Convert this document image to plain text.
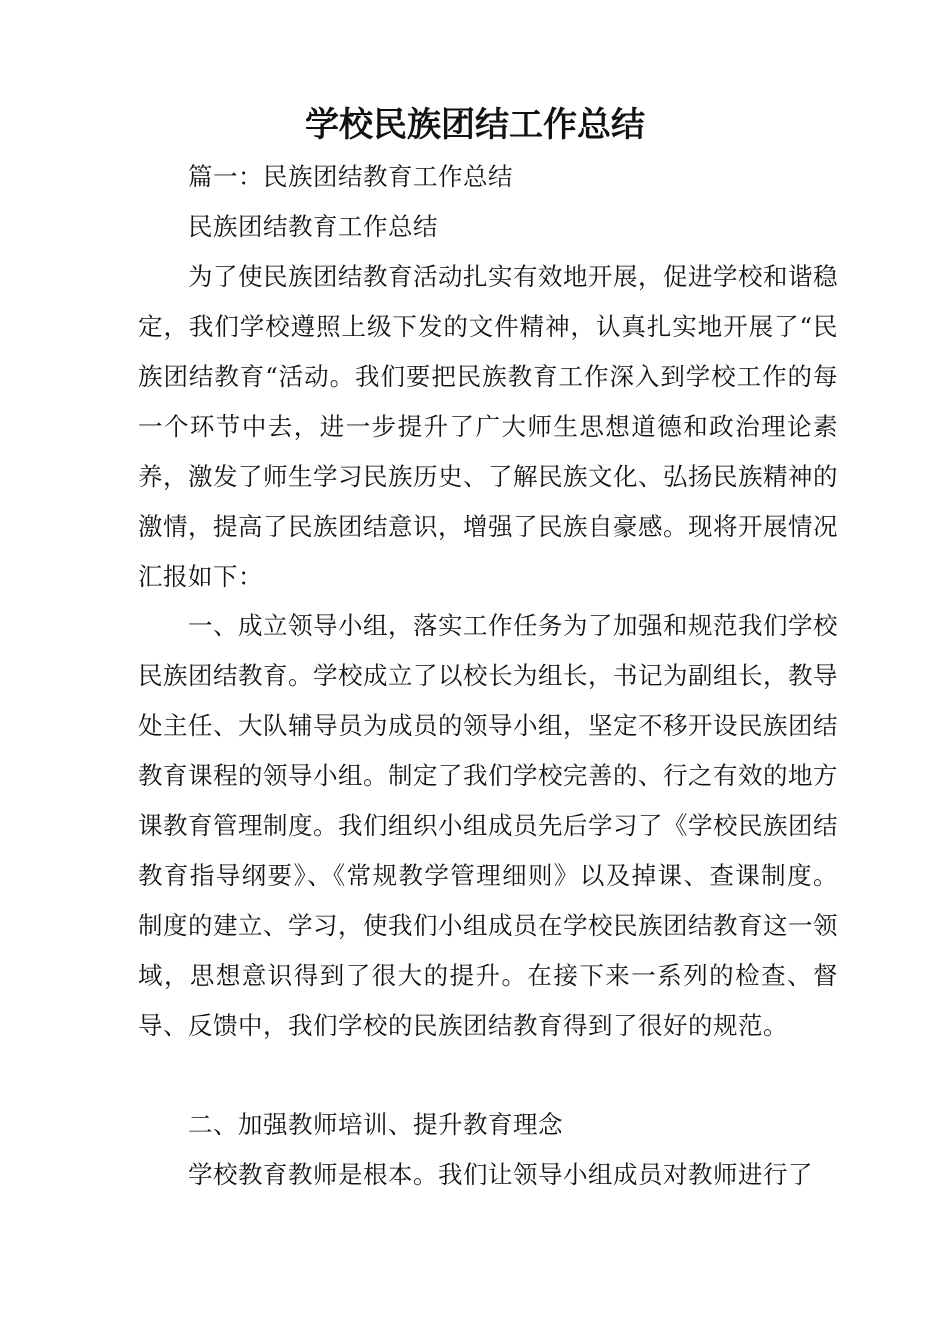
学校民族团结工作总结

篇一：民族团结教育工作总结

民族团结教育工作总结

为了使民族团结教育活动扎实有效地开展，促进学校和谐稳定，我们学校遵照上级下发的文件精神，认真扎实地开展了“民族团结教育“活动。我们要把民族教育工作深入到学校工作的每一个环节中去，进一步提升了广大师生思想道德和政治理论素养，激发了师生学习民族历史、了解民族文化、弘扬民族精神的激情，提高了民族团结意识，增强了民族自豪感。现将开展情况汇报如下：

一、成立领导小组，落实工作任务为了加强和规范我们学校民族团结教育。学校成立了以校长为组长，书记为副组长，教导处主任、大队辅导员为成员的领导小组，坚定不移开设民族团结教育课程的领导小组。制定了我们学校完善的、行之有效的地方课教育管理制度。我们组织小组成员先后学习了《学校民族团结教育指导纲要》、《常规教学管理细则》以及掉课、查课制度。制度的建立、学习，使我们小组成员在学校民族团结教育这一领域，思想意识得到了很大的提升。在接下来一系列的检查、督导、反馈中，我们学校的民族团结教育得到了很好的规范。

二、加强教师培训、提升教育理念

学校教育教师是根本。我们让领导小组成员对教师进行了
